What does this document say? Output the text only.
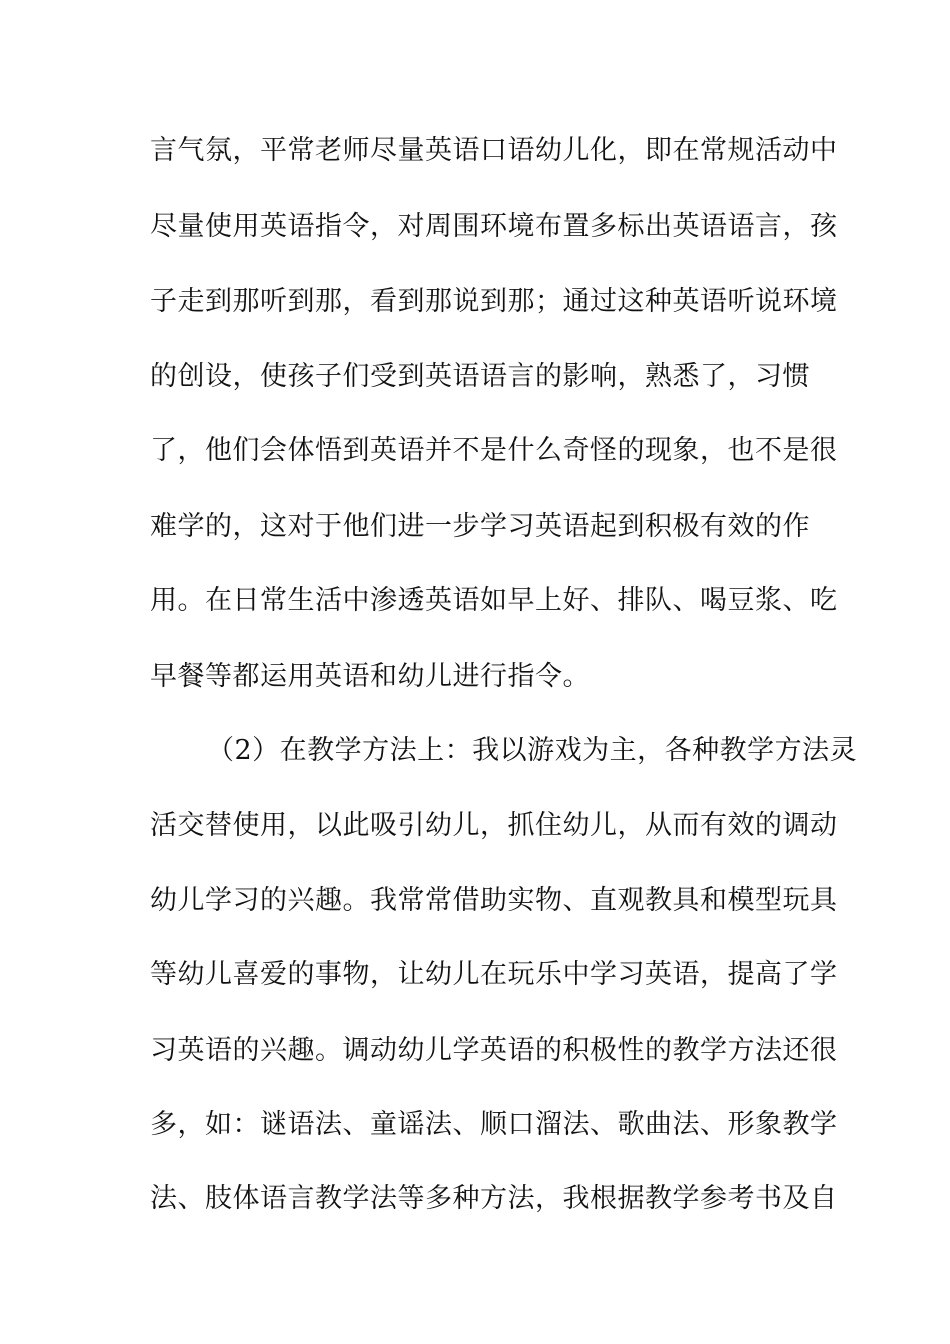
言气氛，平常老师尽量英语口语幼儿化，即在常规活动中
尽量使用英语指令，对周围环境布置多标出英语语言，孩
子走到那听到那，看到那说到那；通过这种英语听说环境
的创设，使孩子们受到英语语言的影响，熟悉了，习惯
了，他们会体悟到英语并不是什么奇怪的现象，也不是很
难学的，这对于他们进一步学习英语起到积极有效的作
用。在日常生活中渗透英语如早上好、排队、喝豆浆、吃
早餐等都运用英语和幼儿进行指令。
（2）在教学方法上：我以游戏为主，各种教学方法灵
活交替使用，以此吸引幼儿，抓住幼儿，从而有效的调动
幼儿学习的兴趣。我常常借助实物、直观教具和模型玩具
等幼儿喜爱的事物，让幼儿在玩乐中学习英语，提高了学
习英语的兴趣。调动幼儿学英语的积极性的教学方法还很
多，如：谜语法、童谣法、顺口溜法、歌曲法、形象教学
法、肢体语言教学法等多种方法，我根据教学参考书及自
